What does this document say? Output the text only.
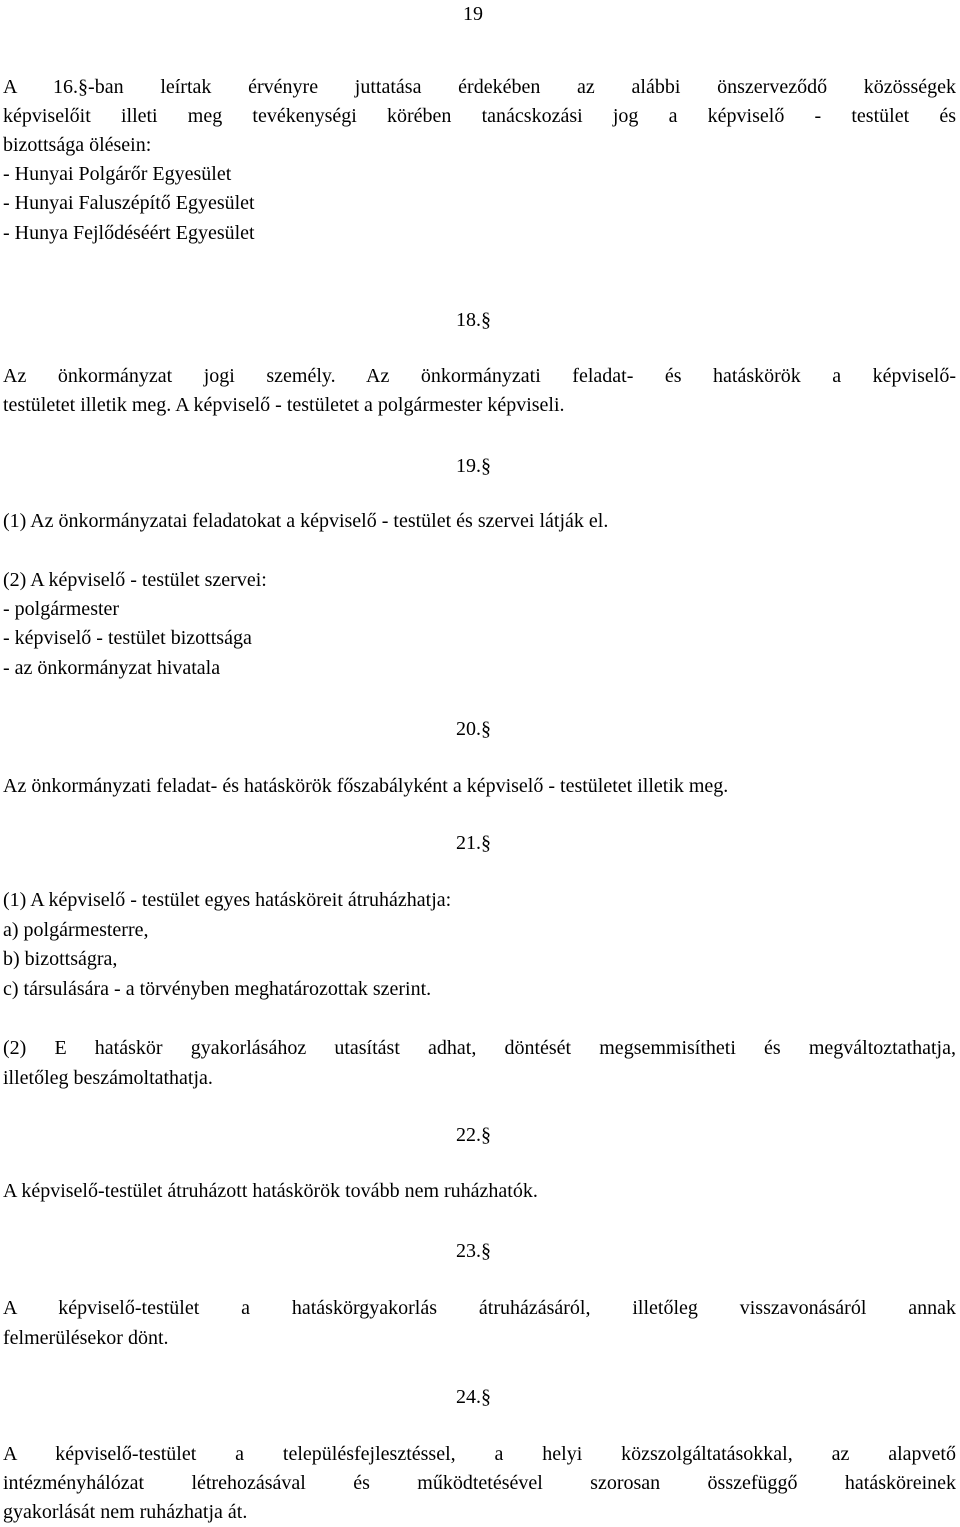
19
A 16.§-ban leírtak érvényre juttatása érdekében az alábbi önszerveződő közösségek
képviselőit illeti meg tevékenységi körében tanácskozási jog a képviselő - testület és
bizottsága ölésein:
- Hunyai Polgárőr Egyesület
- Hunyai Faluszépítő Egyesület
- Hunya Fejlődéséért Egyesület
18.§
Az önkormányzat jogi személy. Az önkormányzati feladat- és hatáskörök a képviselő-
testületet illetik meg. A képviselő - testületet a polgármester képviseli.
19.§
(1) Az önkormányzatai feladatokat a képviselő - testület és szervei látják el.
(2) A képviselő - testület szervei:
- polgármester
- képviselő - testület bizottsága
- az önkormányzat hivatala
20.§
Az önkormányzati feladat- és hatáskörök főszabályként a képviselő - testületet illetik meg.
21.§
(1) A képviselő - testület egyes hatásköreit átruházhatja:
a) polgármesterre,
b) bizottságra,
c) társulására - a törvényben meghatározottak szerint.
(2) E hatáskör gyakorlásához utasítást adhat, döntését megsemmisítheti és megváltoztathatja,
illetőleg beszámoltathatja.
22.§
A képviselő-testület átruházott hatáskörök tovább nem ruházhatók.
23.§
A képviselő-testület a hatáskörgyakorlás átruházásáról, illetőleg visszavonásáról annak
felmerülésekor dönt.
24.§
A képviselő-testület a településfejlesztéssel, a helyi közszolgáltatásokkal, az alapvető
intézményhálózat létrehozásával és működtetésével szorosan összefüggő hatásköreinek
gyakorlását nem ruházhatja át.
